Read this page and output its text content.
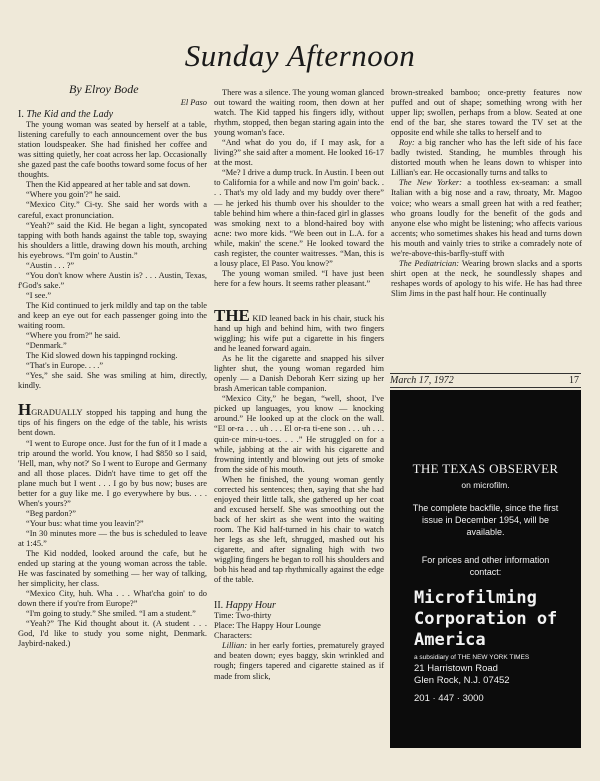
Sunday Afternoon
By Elroy Bode
El Paso
I. The Kid and the Lady

The young woman was seated by herself at a table, listening carefully to each announcement over the bus station loudspeaker. She had finished her coffee and was sitting quietly, her coat across her lap. Occasionally she gazed past the cafe booths toward some focus of her thoughts.

Then the Kid appeared at her table and sat down.

“Where you goin'?” he said.

“Mexico City.” Ci-ty. She said her words with a careful, exact pronunciation.

“Yeah?” said the Kid. He began a light, syncopated tapping with both hands against the table top, swaying his shoulders a little, drawing down his mouth, arching his eyebrows. “I'm goin' to Austin.”

“Austin . . . ?”

“You don't know where Austin is? . . . Austin, Texas, f'God's sake.”

“I see.”

The Kid continued to jerk mildly and tap on the table and keep an eye out for each passenger going into the waiting room.

“Where you from?” he said.

“Denmark.”

The Kid slowed down his tappingnd rocking.

“That's in Europe. . . .”

“Yes,” she said. She was smiling at him, directly, kindly.

HGRADUALLY stopped his tapping and hung the tips of his fingers on the edge of the table, his wrists bent down.

“I went to Europe once. Just for the fun of it I made a trip around the world. You know, I had $850 so I said, 'Hell, man, why not?' So I went to Europe and Germany and all those places. Didn't have time to get off the plane much but I went . . . I go by bus now; buses are better for a guy like me. I go everywhere by bus. . . . When's yours?”

“Beg pardon?”

“Your bus: what time you leavin'?”

“In 30 minutes more — the bus is scheduled to leave at 1:45.”

The Kid nodded, looked around the cafe, but he ended up staring at the young woman across the table. He was fascinated by something — her way of talking, her simplicity, her class.

“Mexico City, huh. Wha . . . What'cha goin' to do down there if you're from Europe?”

“I'm going to study.” She smiled. “I am a student.”

“Yeah?” The Kid thought about it. (A student . . . God, I'd like to study you some night, Denmark. Jaybird-naked.)

There was a silence. The young woman glanced out toward the waiting room, then down at her watch. The Kid tapped his fingers idly, without rhythm, stopped, then began staring again into the young woman's face.

“And what do you do, if I may ask, for a living?” she said after a moment. He looked 16-17 at the most.

“Me? I drive a dump truck. In Austin. I been out to California for a while and now I'm goin' back. . . . That's my old lady and my buddy over there” — he jerked his thumb over his shoulder to the table behind him where a thin-faced girl in glasses was smoking next to a blond-haired boy with acne: two more kids. “We been out in L.A. for a while, makin' the scene.” He looked toward the cash register, the counter waitresses. “Man, this is a lousy place, El Paso. You know?”

The young woman smiled. “I have just been here for a few hours. It seems rather pleasant.”

THE KID leaned back in his chair, stuck his hand up high and behind him, with two fingers wiggling; his wife put a cigarette in his fingers and he leaned forward again.

As he lit the cigarette and snapped his silver lighter shut, the young woman regarded him openly — a Danish Deborah Kerr sizing up her brash American table companion.

“Mexico City,” he began, “well, shoot, I've picked up languages, you know — knocking around.” He looked up at the clock on the wall. “El or-ra . . . uh . . . El or-ra ti-ene son . . . uh . . . quin-ce min-u-toes. . . .” He struggled on for a while, jabbing at the air with his cigarette and frowning intently and blowing out jets of smoke from the side of his mouth.

When he finished, the young woman gently corrected his sentences; then, saying that she had enjoyed their little talk, she gathered up her coat and excused herself. She was smoothing out the back of her skirt as she went into the waiting room. The Kid half-turned in his chair to watch her legs as she left, shrugged, mashed out his cigarette, and after signaling high with two wiggling fingers he began to roll his shoulders and bob his head and tap rhythmically against the edge of the table.

II. Happy Hour

Time: Two-thirty

Place: The Happy Hour Lounge

Characters:

Lillian: in her early forties, prematurely grayed and beaten down; eyes baggy, skin wrinkled and rough; fingers tapered and cigarette stained as if made from slick,

brown-streaked bamboo; once-pretty features now puffed and out of shape; something wrong with her upper lip; swollen, perhaps from a blow. Seated at one end of the bar, she stares toward the TV set at the opposite end while she talks to herself and to

Roy: a big rancher who has the left side of his face badly twisted. Standing, he mumbles through his distorted mouth when he leans down to whisper into Lillian's ear. He occasionally turns and talks to

The New Yorker: a toothless ex-seaman: a small Italian with a big nose and a raw, throaty, Mr. Magoo voice; who wears a small green hat with a red feather; who groans loudly for the benefit of the gods and anyone else who might be listening; who affects various accents; who sometimes shakes his head and turns down his mouth and vainly tries to strike a comradely note of we're-above-this-barfly-stuff with

The Pediatrician: Wearing brown slacks and a sports shirt open at the neck, he soundlessly shapes and reshapes words of apology to his wife. He has had three Slim Jims in the past half hour. He continually

March 17, 1972	17
THE TEXAS OBSERVER
on microfilm.
The complete backfile, since the first issue in December 1954, will be available.
For prices and other information contact:
Microfilming
Corporation of
America
a subsidiary of THE NEW YORK TIMES
21 Harristown Road
Glen Rock, N.J. 07452
201 · 447 · 3000
